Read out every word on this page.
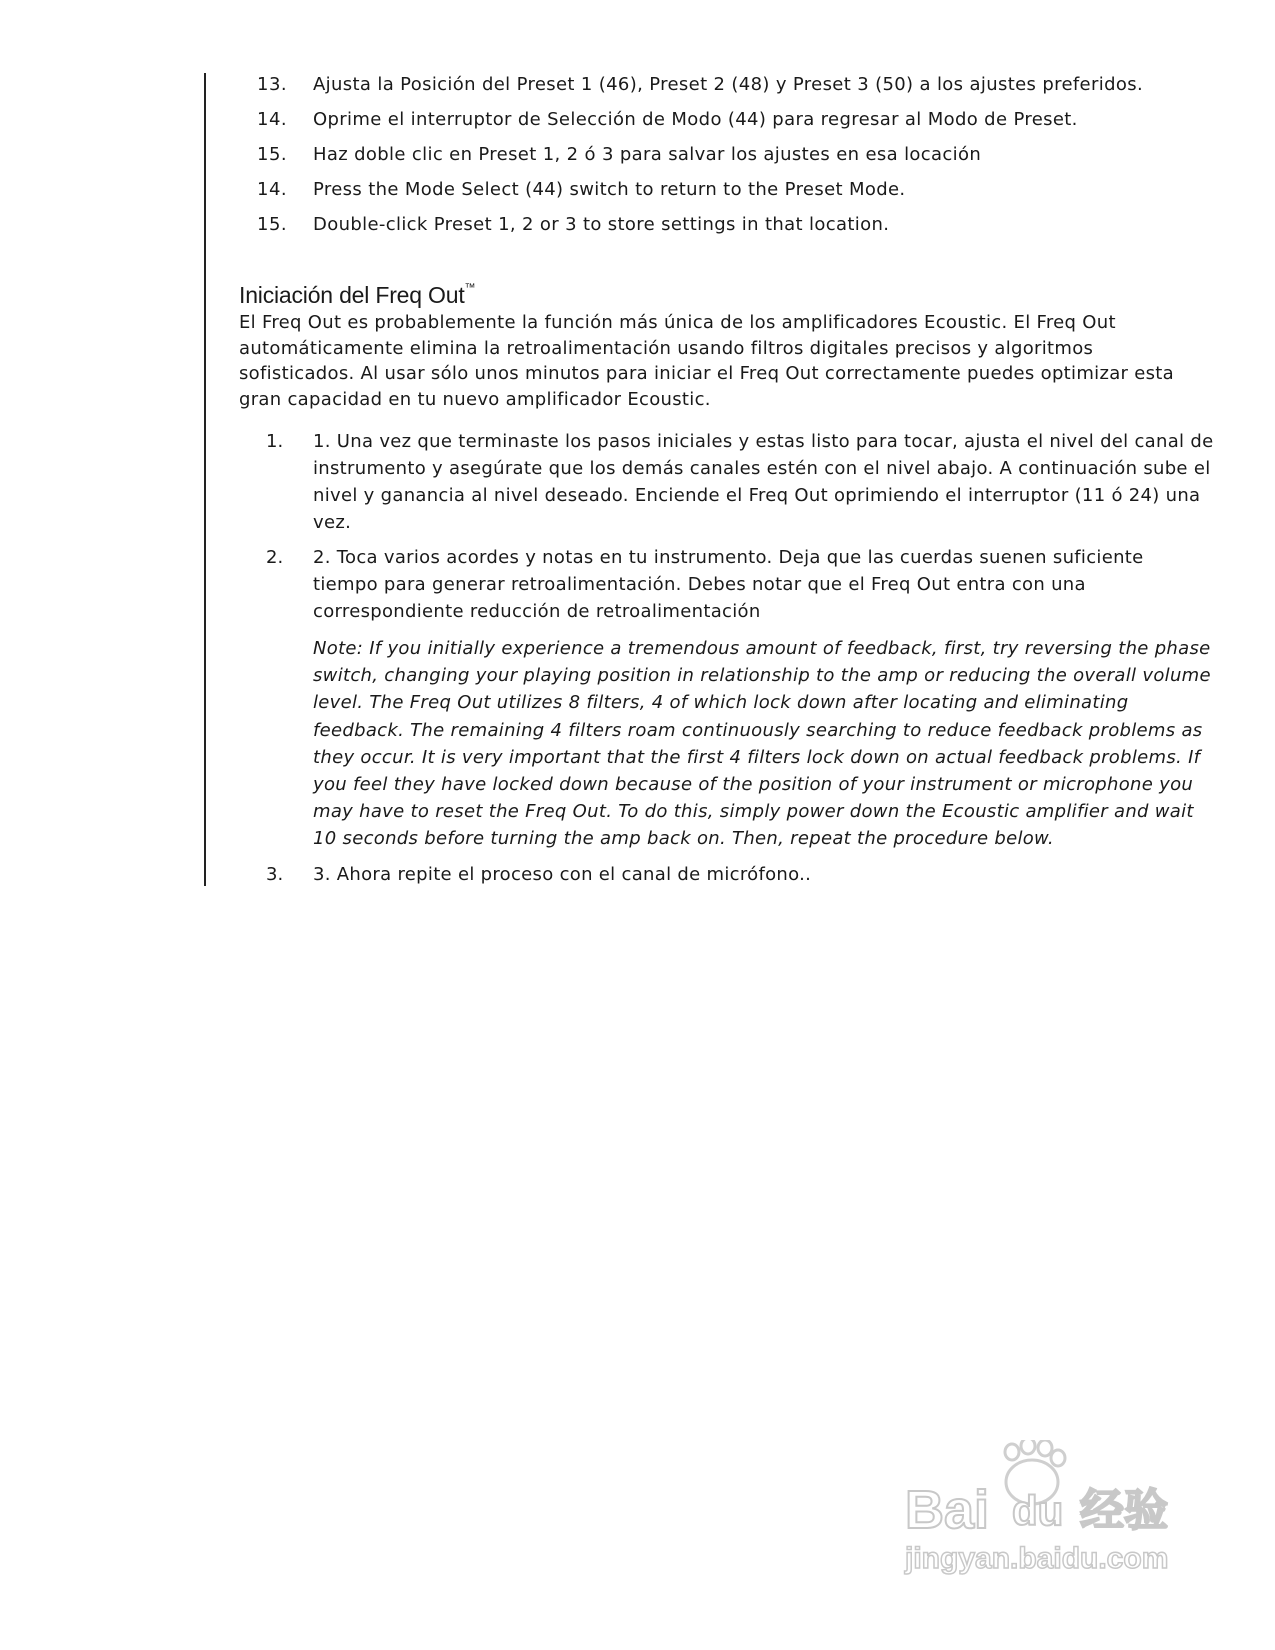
13. Ajusta la Posición del Preset 1 (46), Preset 2 (48) y Preset 3 (50) a los ajustes preferidos.
14. Oprime el interruptor de Selección de Modo (44) para regresar al Modo de Preset.
15. Haz doble clic en Preset 1, 2 ó 3 para salvar los ajustes en esa locación
14. Press the Mode Select (44) switch to return to the Preset Mode.
15. Double-click Preset 1, 2 or 3 to store settings in that location.
Iniciación del Freq Out™

El Freq Out es probablemente la función más única de los amplificadores Ecoustic. El Freq Out

automáticamente elimina la retroalimentación usando filtros digitales precisos y algoritmos

sofisticados. Al usar sólo unos minutos para iniciar el Freq Out correctamente puedes optimizar esta

gran capacidad en tu nuevo amplificador Ecoustic.

1. 1. Una vez que terminaste los pasos iniciales y estas listo para tocar, ajusta el nivel del canal de

instrumento y asegúrate que los demás canales estén con el nivel abajo. A continuación sube el

nivel y ganancia al nivel deseado. Enciende el Freq Out oprimiendo el interruptor (11 ó 24) una

vez.

2. 2. Toca varios acordes y notas en tu instrumento. Deja que las cuerdas suenen suficiente

tiempo para generar retroalimentación. Debes notar que el Freq Out entra con una

correspondiente reducción de retroalimentación

Note: If you initially experience a tremendous amount of feedback, first, try reversing the phase

switch, changing your playing position in relationship to the amp or reducing the overall volume

level. The Freq Out utilizes 8 filters, 4 of which lock down after locating and eliminating

feedback. The remaining 4 filters roam continuously searching to reduce feedback problems as

they occur. It is very important that the first 4 filters lock down on actual feedback problems. If

you feel they have locked down because of the position of your instrument or microphone you

may have to reset the Freq Out. To do this, simply power down the Ecoustic amplifier and wait

10 seconds before turning the amp back on. Then, repeat the procedure below.

3. 3. Ahora repite el proceso con el canal de micrófono..

Bai du 经验
jingyan.baidu.com
